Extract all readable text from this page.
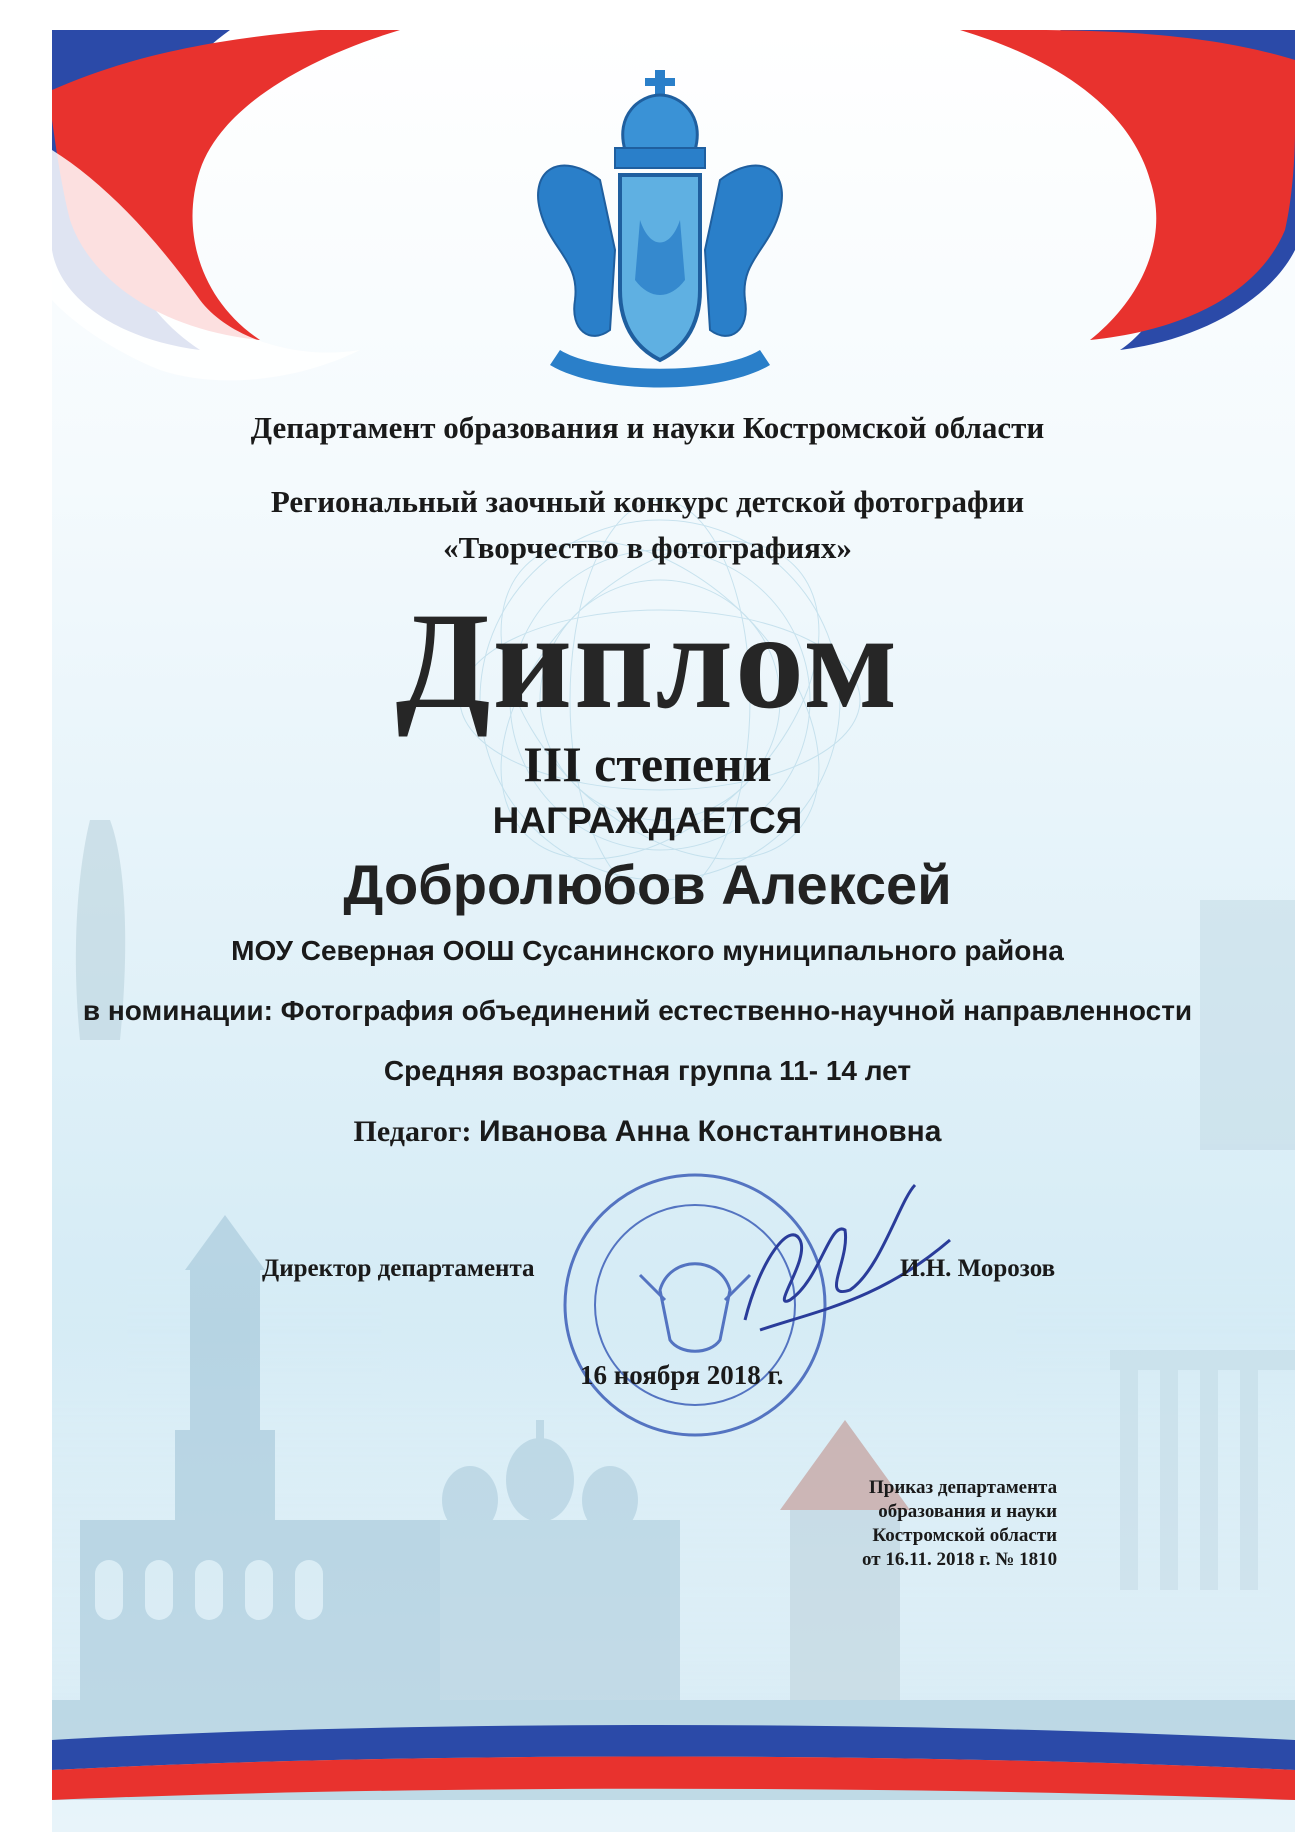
Департамент образования и науки Костромской области
Региональный заочный конкурс детской фотографии
«Творчество в фотографиях»
Диплом
III степени
НАГРАЖДАЕТСЯ
Добролюбов Алексей
МОУ Северная ООШ Сусанинского муниципального района
в номинации: Фотография объединений естественно-научной направленности
Средняя возрастная группа 11- 14 лет
Педагог: Иванова Анна Константиновна
Директор департамента	И.Н. Морозов
16 ноября 2018 г.
Приказ департамента
образования и науки
Костромской области
от 16.11. 2018 г. № 1810
